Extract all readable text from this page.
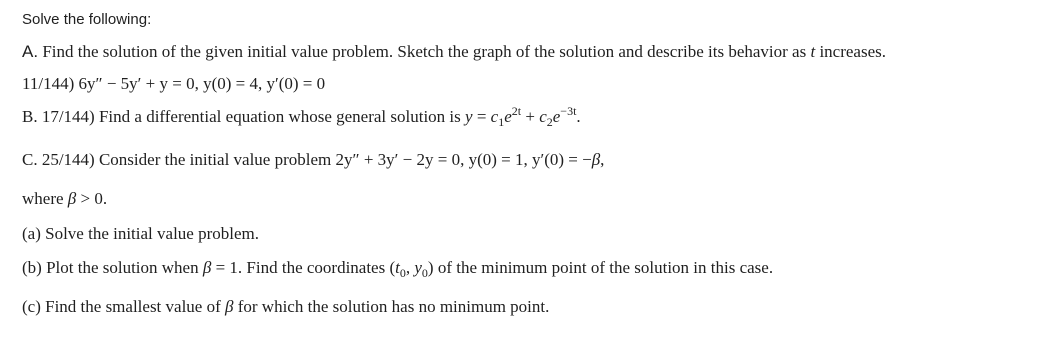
Solve the following:
A. Find the solution of the given initial value problem. Sketch the graph of the solution and describe its behavior as t increases.
11/144) 6y″ − 5y′ + y = 0, y(0) = 4, y′(0) = 0
B. 17/144) Find a differential equation whose general solution is $y = c_1e^{2t} + c_2e^{-3t}$.
C. 25/144) Consider the initial value problem 2y″ + 3y′ − 2y = 0, y(0) = 1, y′(0) = −β,
where β > 0.
(a) Solve the initial value problem.
(b) Plot the solution when β = 1. Find the coordinates ($t_0$, $y_0$) of the minimum point of the solution in this case.
(c) Find the smallest value of β for which the solution has no minimum point.
